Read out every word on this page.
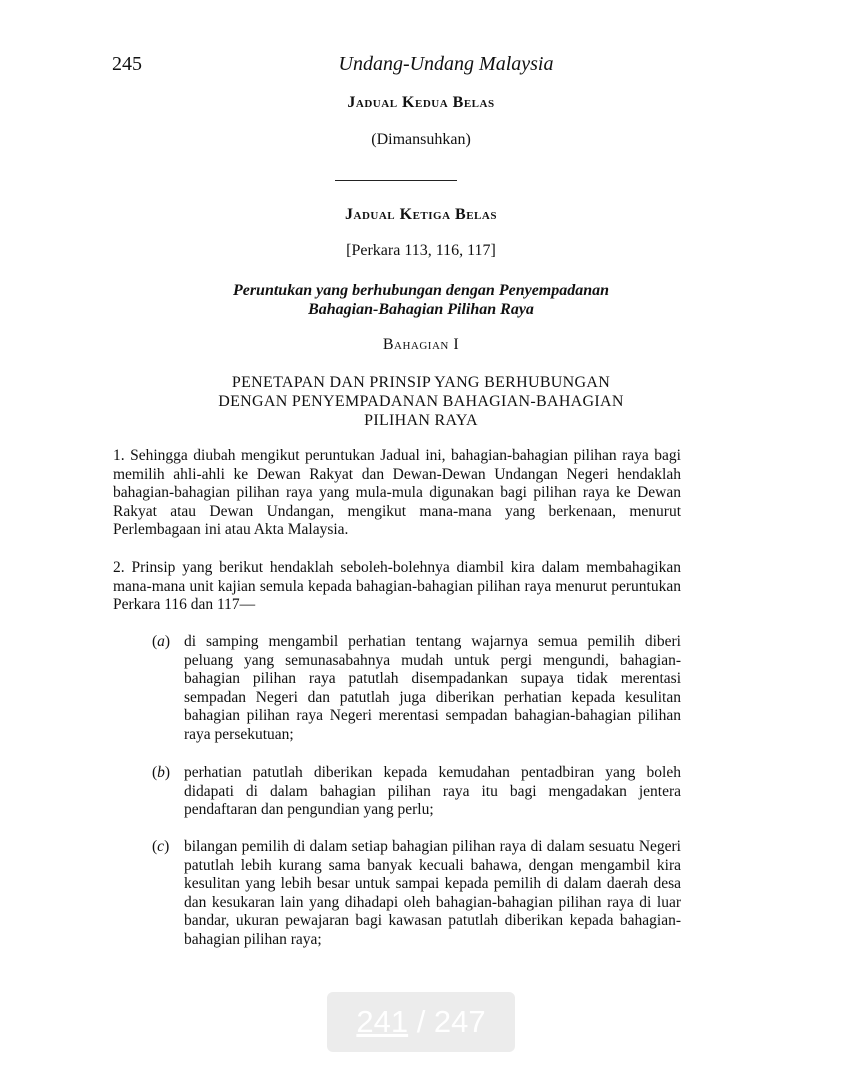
245	Undang-Undang Malaysia
Jadual Kedua Belas
(Dimansuhkan)
Jadual Ketiga Belas
[Perkara 113, 116, 117]
Peruntukan yang berhubungan dengan Penyempadanan
Bahagian-Bahagian Pilihan Raya
Bahagian I
PENETAPAN DAN PRINSIP YANG BERHUBUNGAN
DENGAN PENYEMPADANAN BAHAGIAN-BAHAGIAN
PILIHAN RAYA
1. Sehingga diubah mengikut peruntukan Jadual ini, bahagian-bahagian pilihan raya bagi memilih ahli-ahli ke Dewan Rakyat dan Dewan-Dewan Undangan Negeri hendaklah bahagian-bahagian pilihan raya yang mula-mula digunakan bagi pilihan raya ke Dewan Rakyat atau Dewan Undangan, mengikut mana-mana yang berkenaan, menurut Perlembagaan ini atau Akta Malaysia.
2. Prinsip yang berikut hendaklah seboleh-bolehnya diambil kira dalam membahagikan mana-mana unit kajian semula kepada bahagian-bahagian pilihan raya menurut peruntukan Perkara 116 dan 117—
(a) di samping mengambil perhatian tentang wajarnya semua pemilih diberi peluang yang semunasabahnya mudah untuk pergi mengundi, bahagian-bahagian pilihan raya patutlah disempadankan supaya tidak merentasi sempadan Negeri dan patutlah juga diberikan perhatian kepada kesulitan bahagian pilihan raya Negeri merentasi sempadan bahagian-bahagian pilihan raya persekutuan;
(b) perhatian patutlah diberikan kepada kemudahan pentadbiran yang boleh didapati di dalam bahagian pilihan raya itu bagi mengadakan jentera pendaftaran dan pengundian yang perlu;
(c) bilangan pemilih di dalam setiap bahagian pilihan raya di dalam sesuatu Negeri patutlah lebih kurang sama banyak kecuali bahawa, dengan mengambil kira kesulitan yang lebih besar untuk sampai kepada pemilih di dalam daerah desa dan kesukaran lain yang dihadapi oleh bahagian-bahagian pilihan raya di luar bandar, ukuran pewajaran bagi kawasan patutlah diberikan kepada bahagian-bahagian pilihan raya;
241 / 247
